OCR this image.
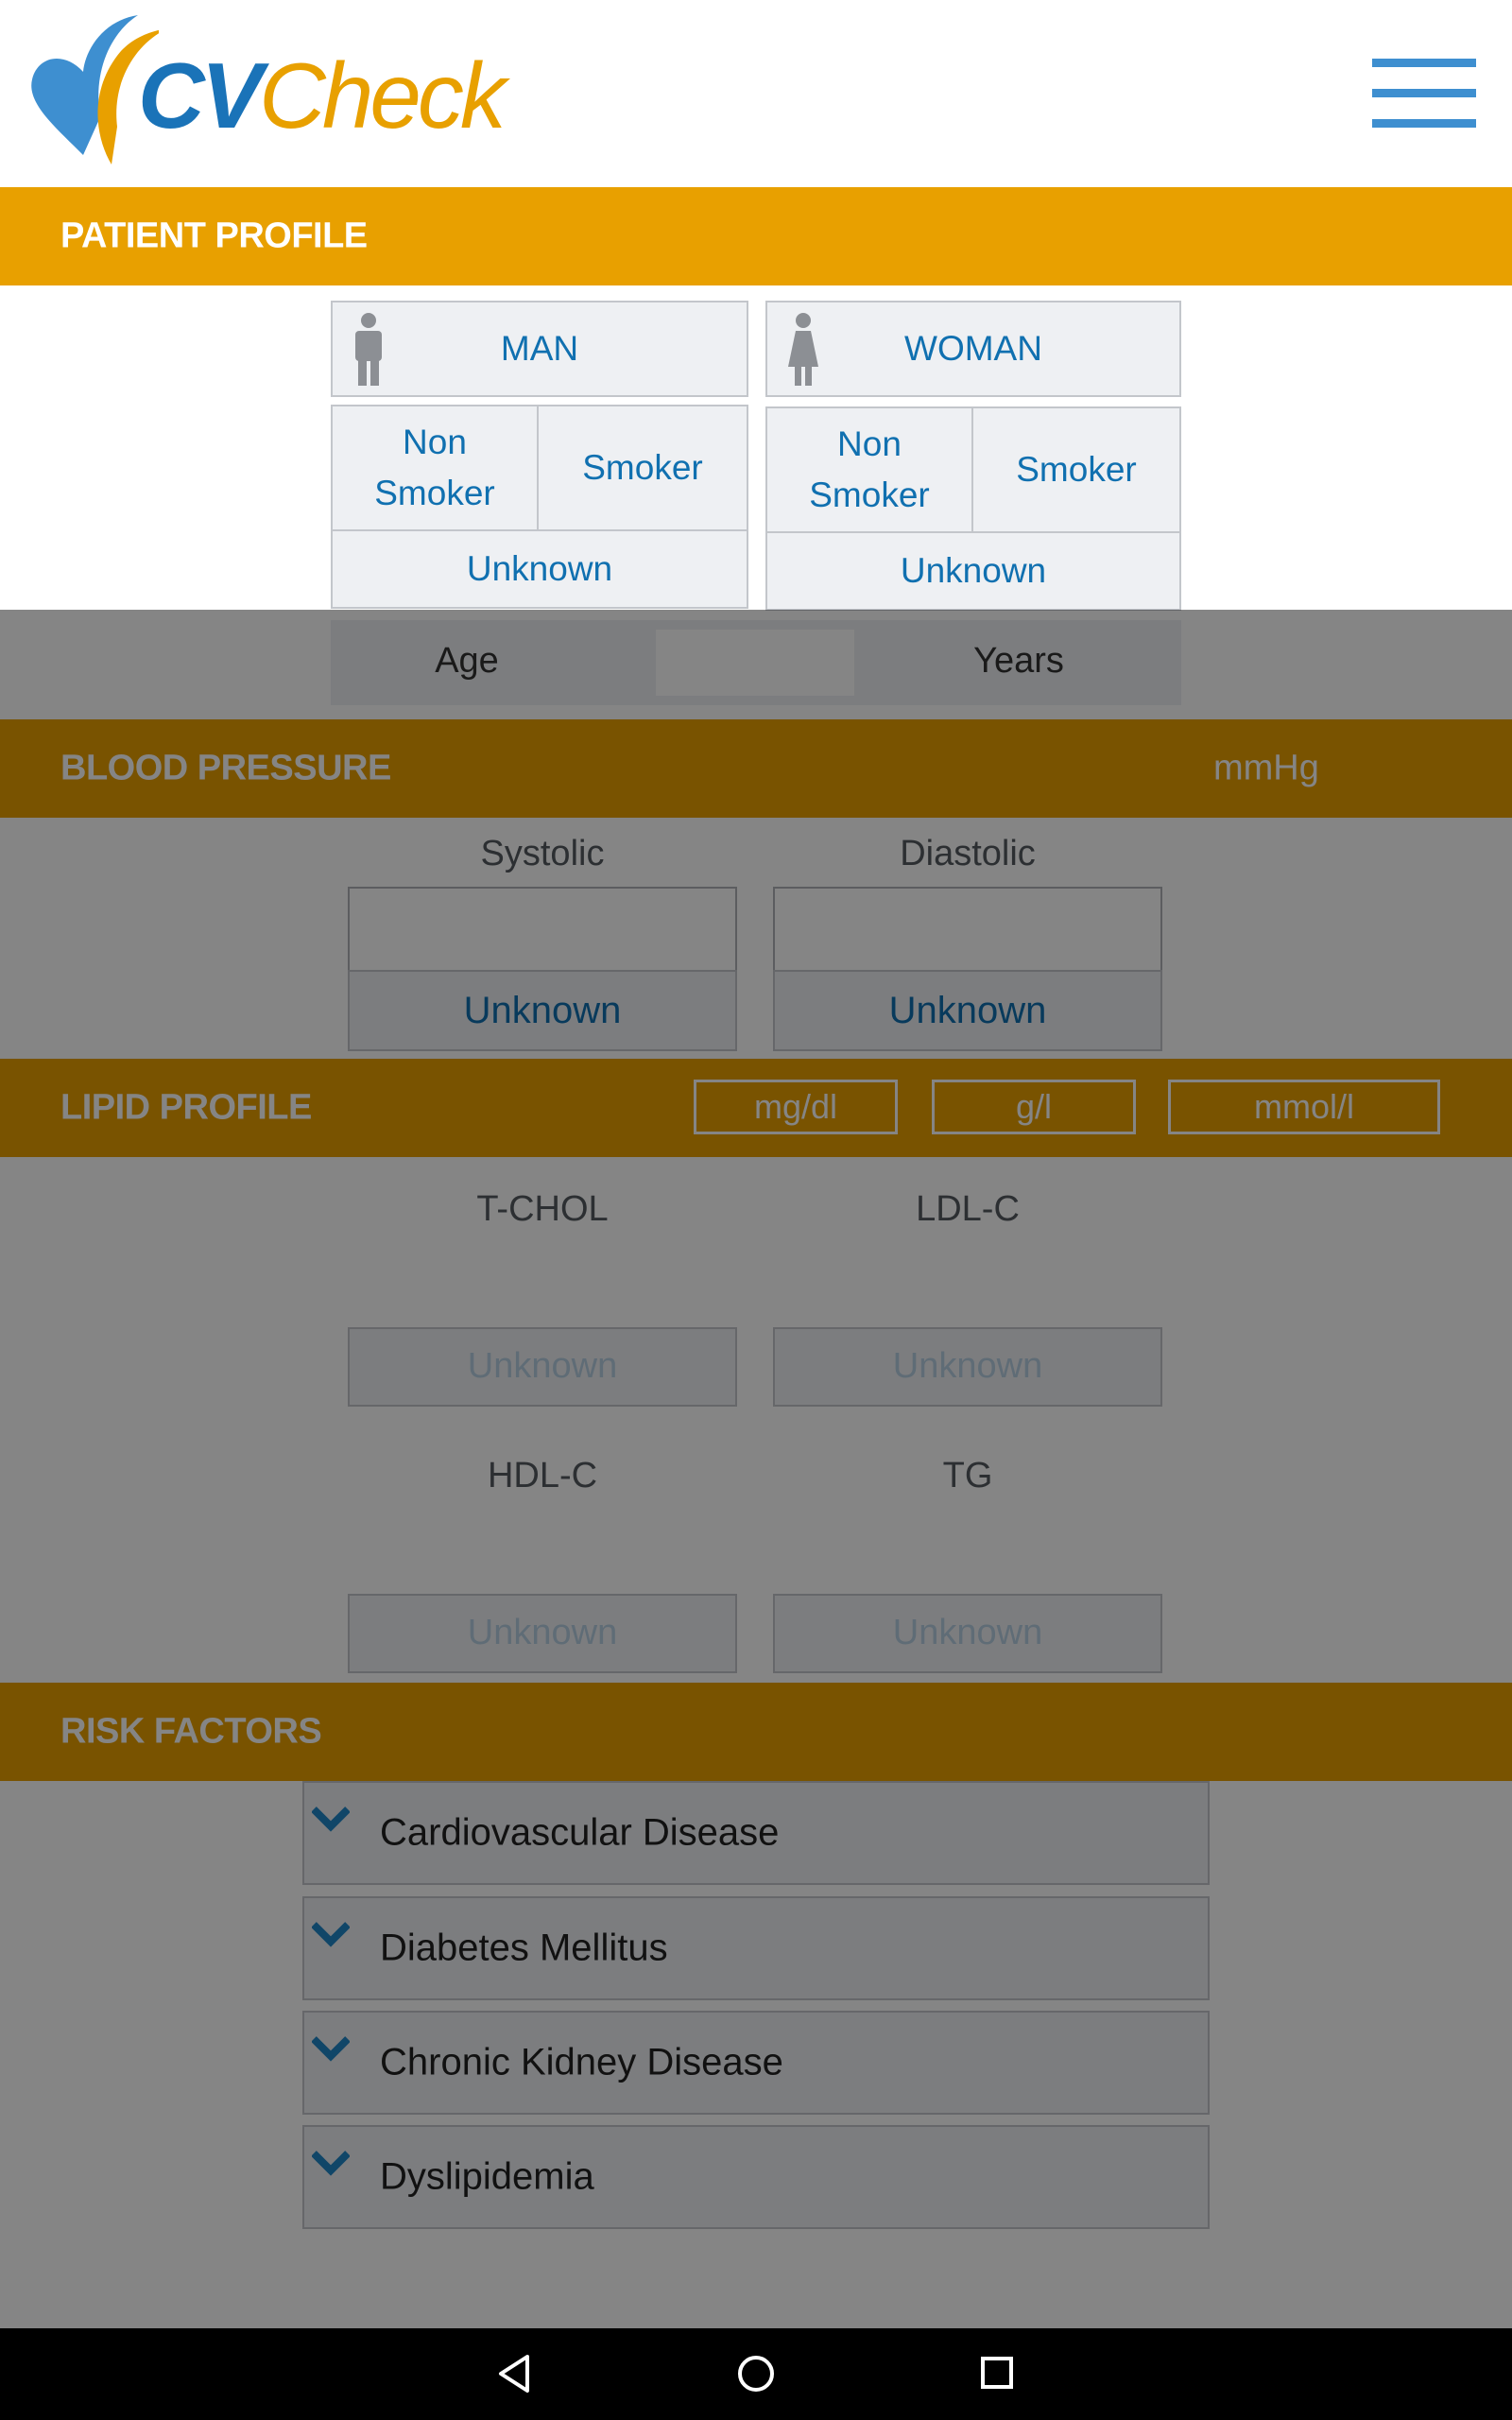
CVCheck
PATIENT PROFILE
MAN	WOMAN
Non Smoker
Smoker
Unknown
Non Smoker
Smoker
Unknown
Age	Years
BLOOD PRESSURE	mmHg
Systolic	Diastolic
Unknown	Unknown
LIPID PROFILE	mg/dl	g/l	mmol/l
T-CHOL	LDL-C
Unknown	Unknown
HDL-C	TG
Unknown	Unknown
RISK FACTORS
Cardiovascular Disease
Diabetes Mellitus
Chronic Kidney Disease
Dyslipidemia
